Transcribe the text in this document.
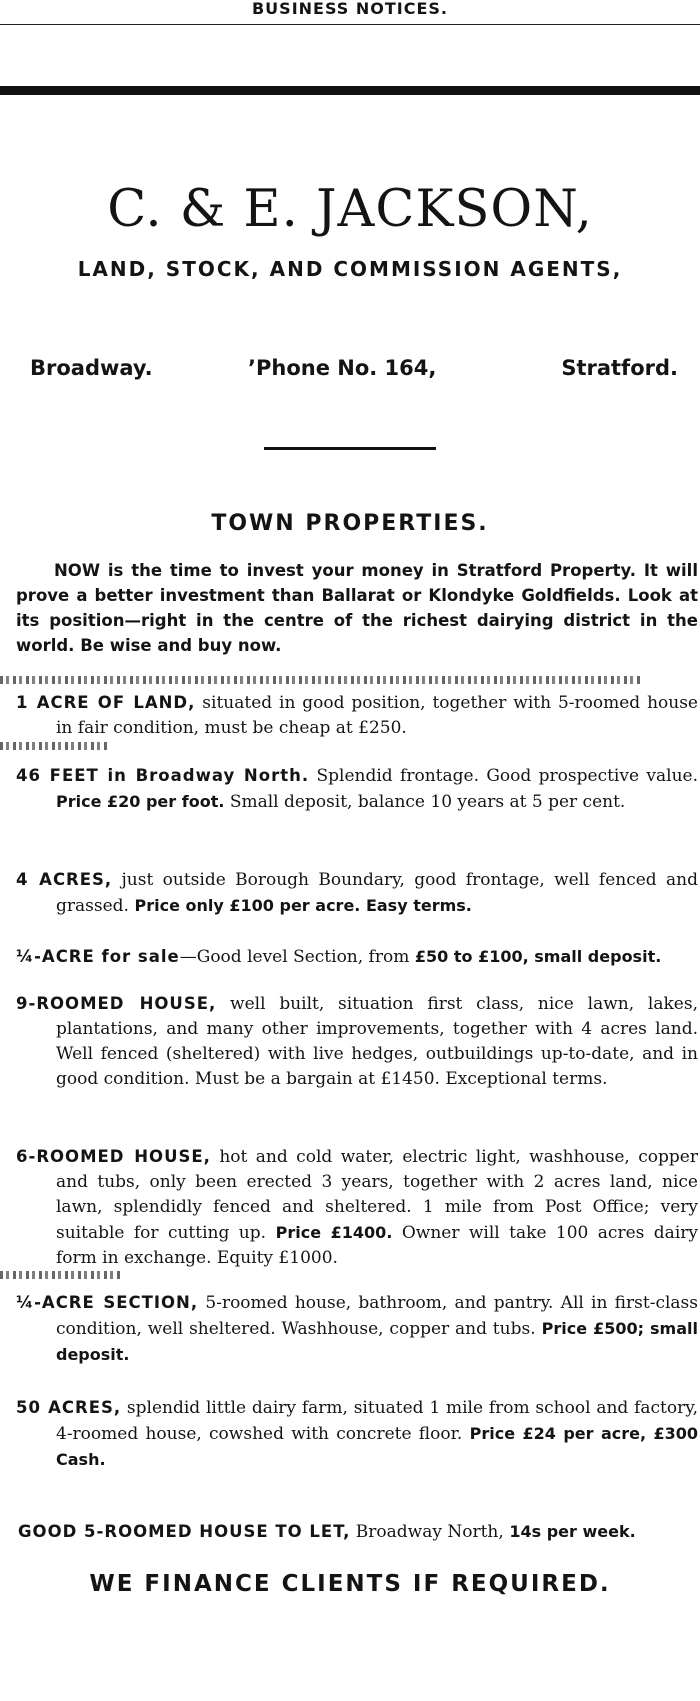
BUSINESS NOTICES.
C. & E. JACKSON,
LAND, STOCK, AND COMMISSION AGENTS,
Broadway.	’Phone No. 164,	Stratford.
TOWN PROPERTIES.

NOW is the time to invest your money in Stratford Property. It will prove a better investment than Ballarat or Klondyke Goldfields. Look at its position—right in the centre of the richest dairying district in the world. Be wise and buy now.

1 ACRE OF LAND, situated in good position, together with 5-roomed house in fair condition, must be cheap at £250.

46 FEET in Broadway North. Splendid frontage. Good prospective value. Price £20 per foot. Small deposit, balance 10 years at 5 per cent.

4 ACRES, just outside Borough Boundary, good frontage, well fenced and grassed. Price only £100 per acre. Easy terms.

¼-ACRE for sale—Good level Section, from £50 to £100, small deposit.

9-ROOMED HOUSE, well built, situation first class, nice lawn, lakes, plantations, and many other improvements, together with 4 acres land. Well fenced (sheltered) with live hedges, outbuildings up-to-date, and in good condition. Must be a bargain at £1450. Exceptional terms.

6-ROOMED HOUSE, hot and cold water, electric light, washhouse, copper and tubs, only been erected 3 years, together with 2 acres land, nice lawn, splendidly fenced and sheltered. 1 mile from Post Office; very suitable for cutting up. Price £1400. Owner will take 100 acres dairy form in exchange. Equity £1000.

¼-ACRE SECTION, 5-roomed house, bathroom, and pantry. All in first-class condition, well sheltered. Washhouse, copper and tubs. Price £500; small deposit.

50 ACRES, splendid little dairy farm, situated 1 mile from school and factory, 4-roomed house, cowshed with concrete floor. Price £24 per acre, £300 Cash.

GOOD 5-ROOMED HOUSE TO LET, Broadway North, 14s per week.
WE FINANCE CLIENTS IF REQUIRED.
